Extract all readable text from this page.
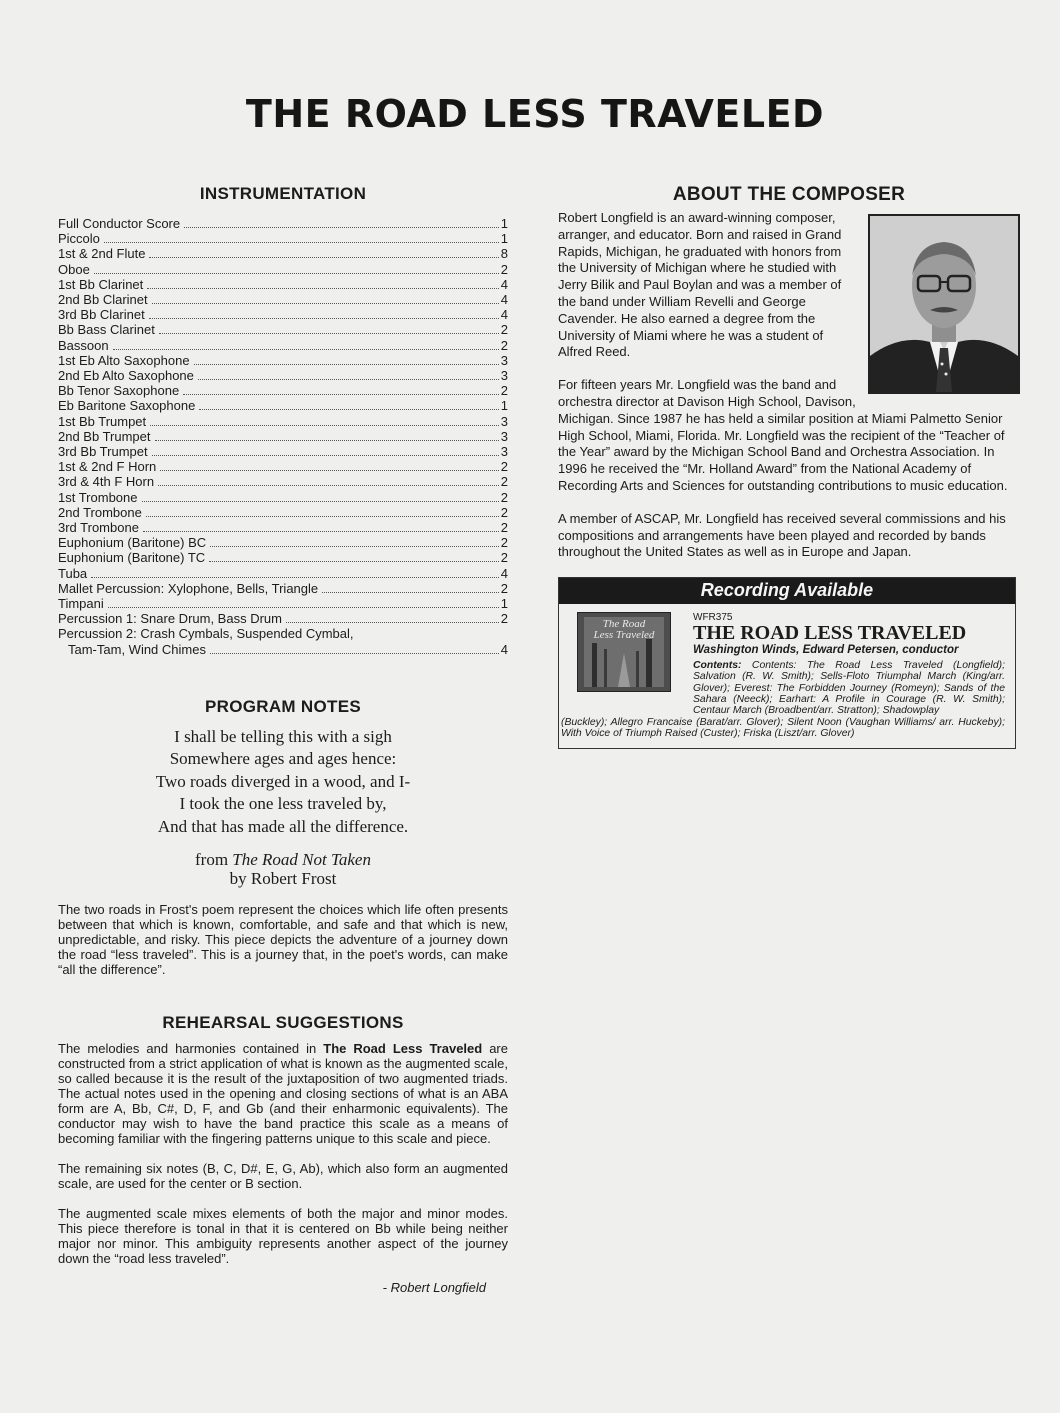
THE ROAD LESS TRAVELED
INSTRUMENTATION
Full Conductor Score	1
Piccolo	1
1st & 2nd Flute	8
Oboe	2
1st Bb Clarinet	4
2nd Bb Clarinet	4
3rd Bb Clarinet	4
Bb Bass Clarinet	2
Bassoon	2
1st Eb Alto Saxophone	3
2nd Eb Alto Saxophone	3
Bb Tenor Saxophone	2
Eb Baritone Saxophone	1
1st Bb Trumpet	3
2nd Bb Trumpet	3
3rd Bb Trumpet	3
1st & 2nd F Horn	2
3rd & 4th F Horn	2
1st Trombone	2
2nd Trombone	2
3rd Trombone	2
Euphonium (Baritone) BC	2
Euphonium (Baritone) TC	2
Tuba	4
Mallet Percussion: Xylophone, Bells, Triangle	2
Timpani	1
Percussion 1: Snare Drum, Bass Drum	2
Percussion 2: Crash Cymbals, Suspended Cymbal,
Tam-Tam, Wind Chimes	4
PROGRAM NOTES
I shall be telling this with a sigh
Somewhere ages and ages hence:
Two roads diverged in a wood, and I-
I took the one less traveled by,
And that has made all the difference.
from The Road Not Taken
by Robert Frost
The two roads in Frost's poem represent the choices which life often presents between that which is known, comfortable, and safe and that which is new, unpredictable, and risky. This piece depicts the adventure of a journey down the road “less traveled”. This is a journey that, in the poet's words, can make “all the difference”.
REHEARSAL SUGGESTIONS
The melodies and harmonies contained in The Road Less Traveled are constructed from a strict application of what is known as the augmented scale, so called because it is the result of the juxtaposition of two augmented triads. The actual notes used in the opening and closing sections of what is an ABA form are A, Bb, C#, D, F, and Gb (and their enharmonic equivalents). The conductor may wish to have the band practice this scale as a means of becoming familiar with the fingering patterns unique to this scale and piece.
The remaining six notes (B, C, D#, E, G, Ab), which also form an augmented scale, are used for the center or B section.
The augmented scale mixes elements of both the major and minor modes. This piece therefore is tonal in that it is centered on Bb while being neither major nor minor. This ambiguity represents another aspect of the journey down the “road less traveled”.
- Robert Longfield
ABOUT THE COMPOSER

Robert Longfield is an award-winning composer, arranger, and educator. Born and raised in Grand Rapids, Michigan, he graduated with honors from the University of Michigan where he studied with Jerry Bilik and Paul Boylan and was a member of the band under William Revelli and George Cavender. He also earned a degree from the University of Miami where he was a student of Alfred Reed.

For fifteen years Mr. Longfield was the band and orchestra director at Davison High School, Davison, Michigan. Since 1987 he has held a similar position at Miami Palmetto Senior High School, Miami, Florida. Mr. Longfield was the recipient of the “Teacher of the Year” award by the Michigan School Band and Orchestra Association. In 1996 he received the “Mr. Holland Award” from the National Academy of Recording Arts and Sciences for outstanding contributions to music education.

A member of ASCAP, Mr. Longfield has received several commissions and his compositions and arrangements have been played and recorded by bands throughout the United States as well as in Europe and Japan.

Recording Available
The Road
Less Traveled
WFR375
THE ROAD LESS TRAVELED
Washington Winds, Edward Petersen, conductor
Contents: Contents: The Road Less Traveled (Longfield); Salvation (R. W. Smith); Sells-Floto Triumphal March (King/arr. Glover); Everest: The Forbidden Journey (Romeyn); Sands of the Sahara (Neeck); Earhart: A Profile in Courage (R. W. Smith); Centaur March (Broadbent/arr. Stratton); Shadowplay
(Buckley); Allegro Francaise (Barat/arr. Glover); Silent Noon (Vaughan Williams/ arr. Huckeby); With Voice of Triumph Raised (Custer); Friska (Liszt/arr. Glover)
